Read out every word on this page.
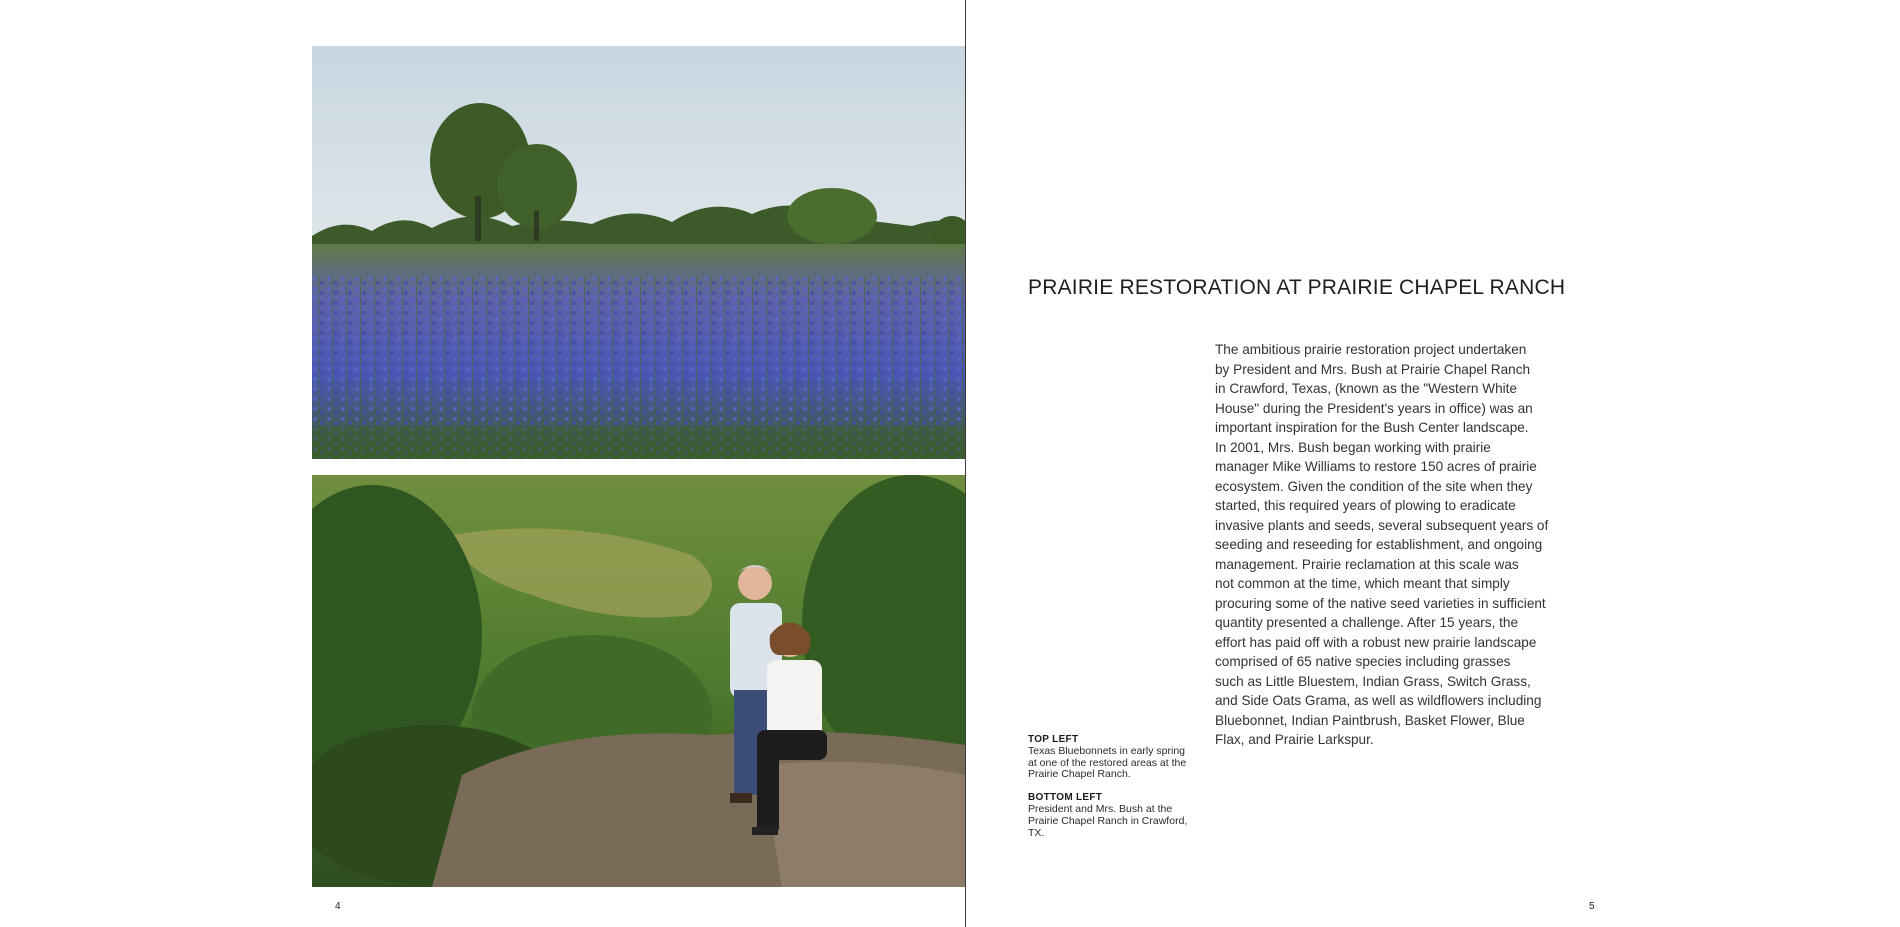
4
PRAIRIE RESTORATION AT PRAIRIE CHAPEL RANCH

The ambitious prairie restoration project undertaken
by President and Mrs. Bush at Prairie Chapel Ranch
in Crawford, Texas, (known as the "Western White
House" during the President's years in office) was an
important inspiration for the Bush Center landscape.
In 2001, Mrs. Bush began working with prairie
manager Mike Williams to restore 150 acres of prairie
ecosystem. Given the condition of the site when they
started, this required years of plowing to eradicate
invasive plants and seeds, several subsequent years of
seeding and reseeding for establishment, and ongoing
management. Prairie reclamation at this scale was
not common at the time, which meant that simply
procuring some of the native seed varieties in sufficient
quantity presented a challenge. After 15 years, the
effort has paid off with a robust new prairie landscape
comprised of 65 native species including grasses
such as Little Bluestem, Indian Grass, Switch Grass,
and Side Oats Grama, as well as wildflowers including
Bluebonnet, Indian Paintbrush, Basket Flower, Blue
Flax, and Prairie Larkspur.

TOP LEFT
Texas Bluebonnets in early spring at one of the restored areas at the Prairie Chapel Ranch.
BOTTOM LEFT
President and Mrs. Bush at the Prairie Chapel Ranch in Crawford, TX.
5
